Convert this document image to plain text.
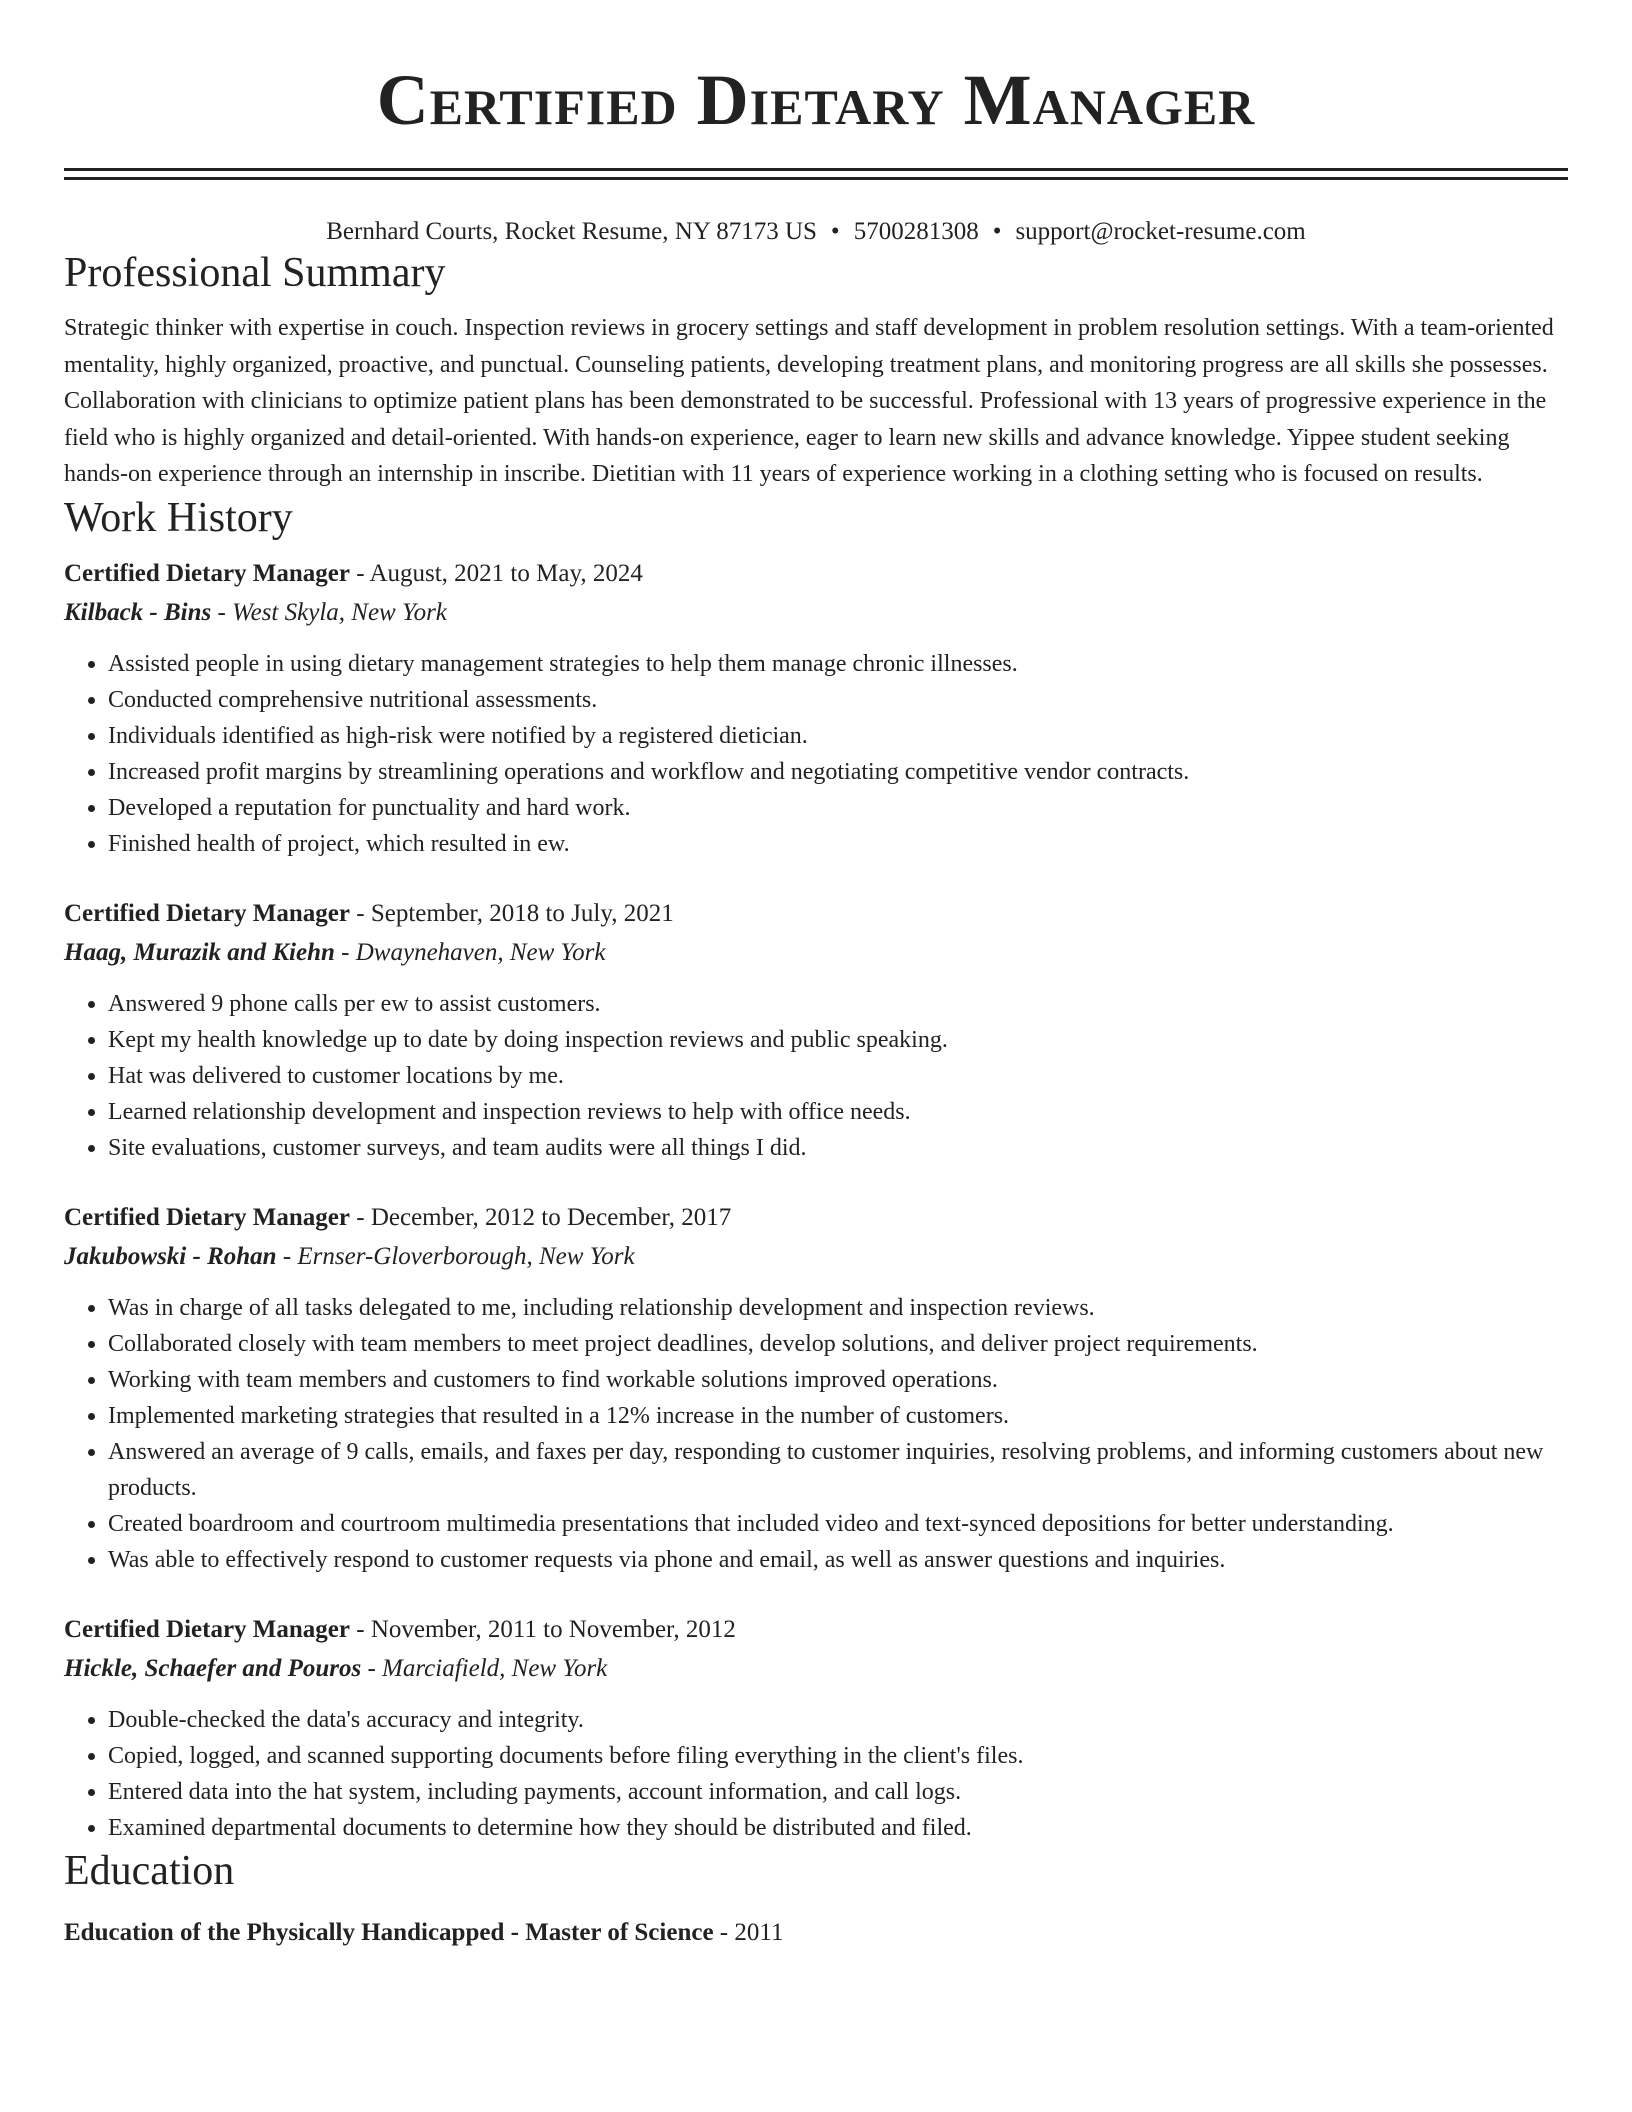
Certified Dietary Manager
Bernhard Courts, Rocket Resume, NY 87173 US • 5700281308 • support@rocket-resume.com
Professional Summary

Strategic thinker with expertise in couch. Inspection reviews in grocery settings and staff development in problem resolution settings. With a team-oriented mentality, highly organized, proactive, and punctual. Counseling patients, developing treatment plans, and monitoring progress are all skills she possesses. Collaboration with clinicians to optimize patient plans has been demonstrated to be successful. Professional with 13 years of progressive experience in the field who is highly organized and detail-oriented. With hands-on experience, eager to learn new skills and advance knowledge. Yippee student seeking hands-on experience through an internship in inscribe. Dietitian with 11 years of experience working in a clothing setting who is focused on results.

Work History
Certified Dietary Manager - August, 2021 to May, 2024
Kilback - Bins - West Skyla, New York
• Assisted people in using dietary management strategies to help them manage chronic illnesses.
• Conducted comprehensive nutritional assessments.
• Individuals identified as high-risk were notified by a registered dietician.
• Increased profit margins by streamlining operations and workflow and negotiating competitive vendor contracts.
• Developed a reputation for punctuality and hard work.
• Finished health of project, which resulted in ew.
Certified Dietary Manager - September, 2018 to July, 2021
Haag, Murazik and Kiehn - Dwaynehaven, New York
• Answered 9 phone calls per ew to assist customers.
• Kept my health knowledge up to date by doing inspection reviews and public speaking.
• Hat was delivered to customer locations by me.
• Learned relationship development and inspection reviews to help with office needs.
• Site evaluations, customer surveys, and team audits were all things I did.
Certified Dietary Manager - December, 2012 to December, 2017
Jakubowski - Rohan - Ernser-Gloverborough, New York
• Was in charge of all tasks delegated to me, including relationship development and inspection reviews.
• Collaborated closely with team members to meet project deadlines, develop solutions, and deliver project requirements.
• Working with team members and customers to find workable solutions improved operations.
• Implemented marketing strategies that resulted in a 12% increase in the number of customers.
• Answered an average of 9 calls, emails, and faxes per day, responding to customer inquiries, resolving problems, and informing customers about new products.
• Created boardroom and courtroom multimedia presentations that included video and text-synced depositions for better understanding.
• Was able to effectively respond to customer requests via phone and email, as well as answer questions and inquiries.
Certified Dietary Manager - November, 2011 to November, 2012
Hickle, Schaefer and Pouros - Marciafield, New York
• Double-checked the data's accuracy and integrity.
• Copied, logged, and scanned supporting documents before filing everything in the client's files.
• Entered data into the hat system, including payments, account information, and call logs.
• Examined departmental documents to determine how they should be distributed and filed.
Education
Education of the Physically Handicapped - Master of Science - 2011
